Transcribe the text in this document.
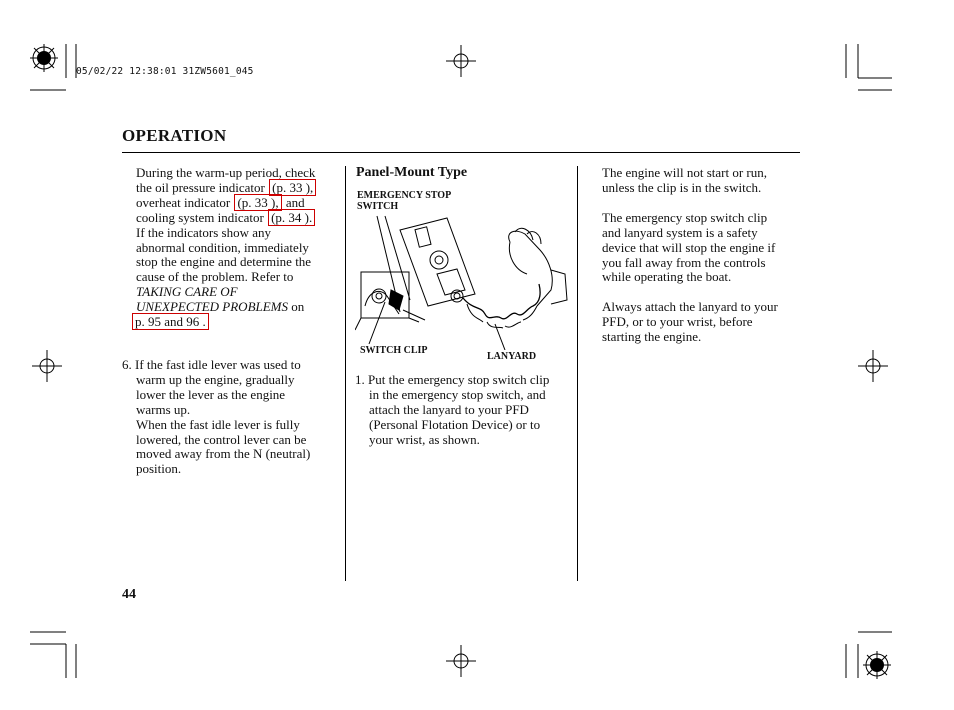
05/02/22 12:38:01 31ZW5601_045
OPERATION

During the warm-up period, check

the oil pressure indicator (p. 33 ),

overheat indicator (p. 33 ), and

cooling system indicator (p. 34 ).

If the indicators show any

abnormal condition, immediately

stop the engine and determine the

cause of the problem. Refer to

TAKING CARE OF

UNEXPECTED PROBLEMS on

p. 95 and 96 .

6. If the fast idle lever was used to

warm up the engine, gradually

lower the lever as the engine

warms up.

When the fast idle lever is fully

lowered, the control lever can be

moved away from the N (neutral)

position.

Panel-Mount Type
EMERGENCY STOP
SWITCH
SWITCH CLIP
LANYARD

1. Put the emergency stop switch clip

in the emergency stop switch, and

attach the lanyard to your PFD

(Personal Flotation Device) or to

your wrist, as shown.

The engine will not start or run,

unless the clip is in the switch.

The emergency stop switch clip

and lanyard system is a safety

device that will stop the engine if

you fall away from the controls

while operating the boat.

Always attach the lanyard to your

PFD, or to your wrist, before

starting the engine.

44
